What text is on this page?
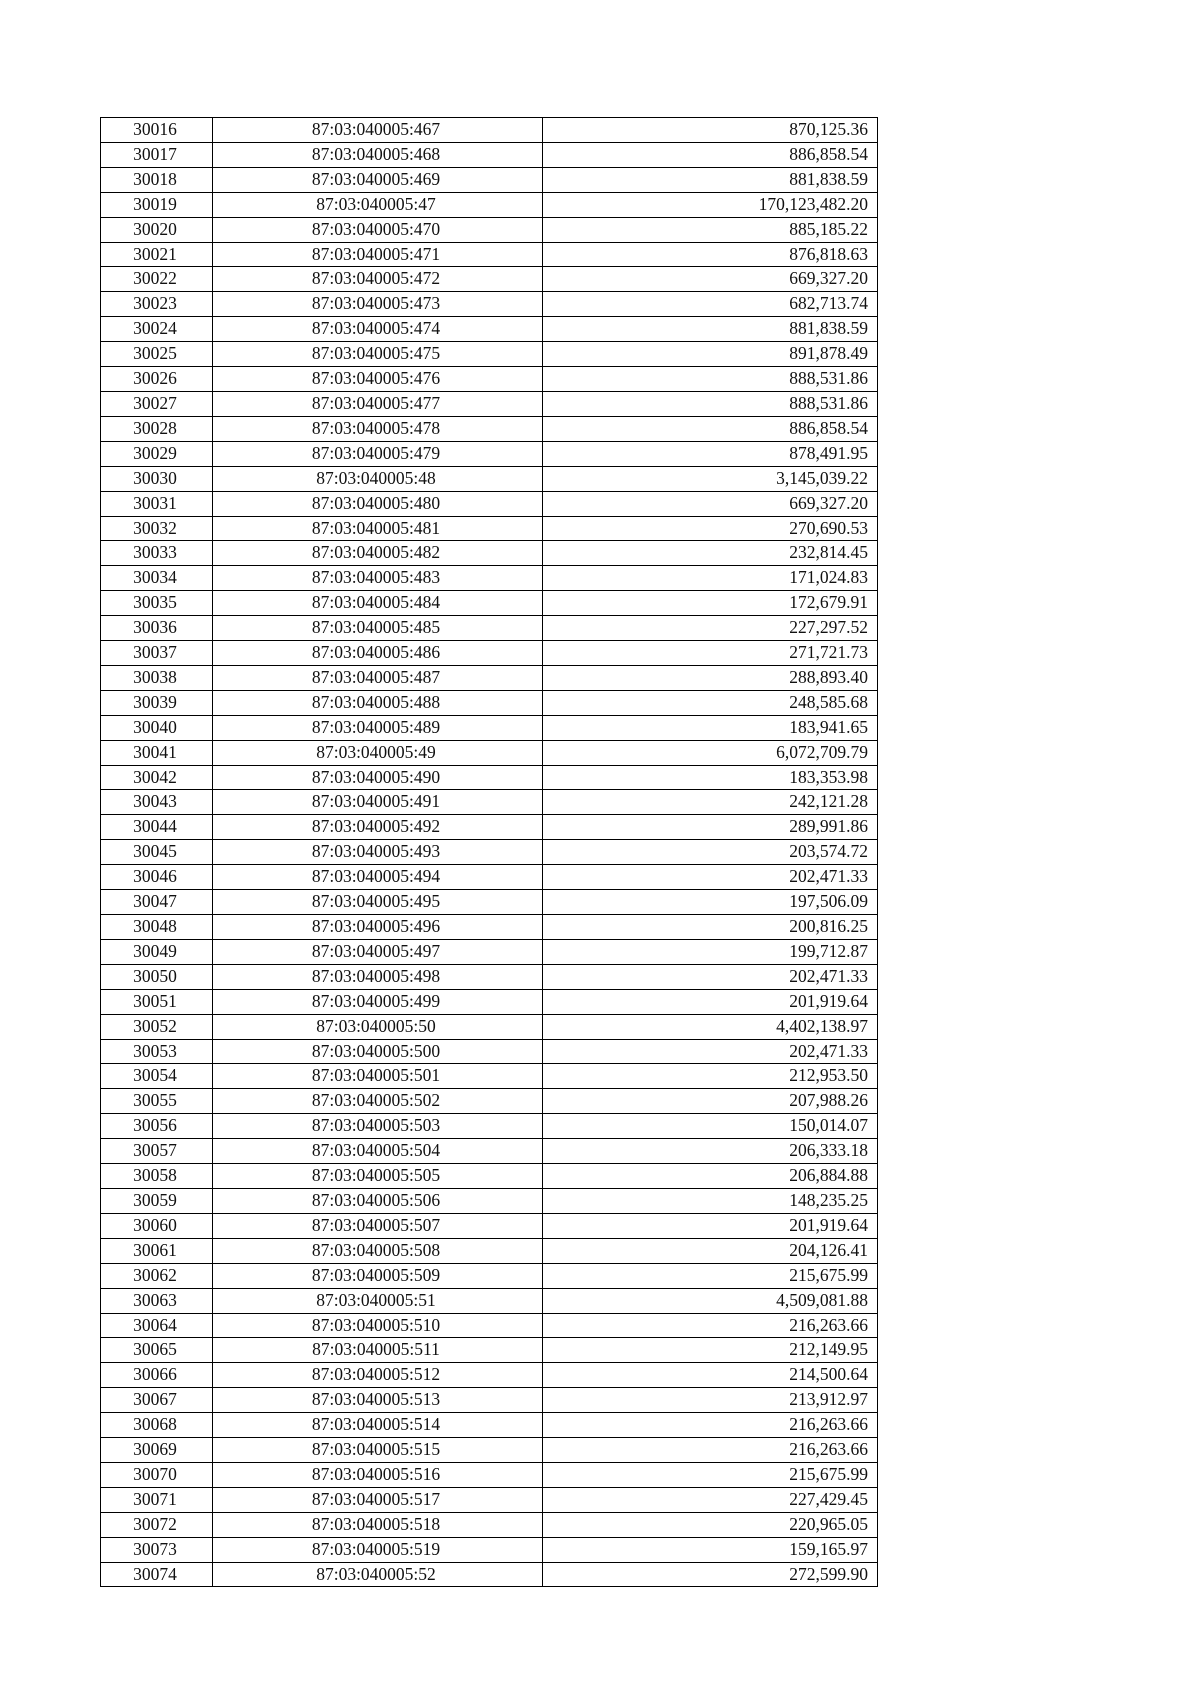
30016	87:03:040005:467	870,125.36
30017	87:03:040005:468	886,858.54
30018	87:03:040005:469	881,838.59
30019	87:03:040005:47	170,123,482.20
30020	87:03:040005:470	885,185.22
30021	87:03:040005:471	876,818.63
30022	87:03:040005:472	669,327.20
30023	87:03:040005:473	682,713.74
30024	87:03:040005:474	881,838.59
30025	87:03:040005:475	891,878.49
30026	87:03:040005:476	888,531.86
30027	87:03:040005:477	888,531.86
30028	87:03:040005:478	886,858.54
30029	87:03:040005:479	878,491.95
30030	87:03:040005:48	3,145,039.22
30031	87:03:040005:480	669,327.20
30032	87:03:040005:481	270,690.53
30033	87:03:040005:482	232,814.45
30034	87:03:040005:483	171,024.83
30035	87:03:040005:484	172,679.91
30036	87:03:040005:485	227,297.52
30037	87:03:040005:486	271,721.73
30038	87:03:040005:487	288,893.40
30039	87:03:040005:488	248,585.68
30040	87:03:040005:489	183,941.65
30041	87:03:040005:49	6,072,709.79
30042	87:03:040005:490	183,353.98
30043	87:03:040005:491	242,121.28
30044	87:03:040005:492	289,991.86
30045	87:03:040005:493	203,574.72
30046	87:03:040005:494	202,471.33
30047	87:03:040005:495	197,506.09
30048	87:03:040005:496	200,816.25
30049	87:03:040005:497	199,712.87
30050	87:03:040005:498	202,471.33
30051	87:03:040005:499	201,919.64
30052	87:03:040005:50	4,402,138.97
30053	87:03:040005:500	202,471.33
30054	87:03:040005:501	212,953.50
30055	87:03:040005:502	207,988.26
30056	87:03:040005:503	150,014.07
30057	87:03:040005:504	206,333.18
30058	87:03:040005:505	206,884.88
30059	87:03:040005:506	148,235.25
30060	87:03:040005:507	201,919.64
30061	87:03:040005:508	204,126.41
30062	87:03:040005:509	215,675.99
30063	87:03:040005:51	4,509,081.88
30064	87:03:040005:510	216,263.66
30065	87:03:040005:511	212,149.95
30066	87:03:040005:512	214,500.64
30067	87:03:040005:513	213,912.97
30068	87:03:040005:514	216,263.66
30069	87:03:040005:515	216,263.66
30070	87:03:040005:516	215,675.99
30071	87:03:040005:517	227,429.45
30072	87:03:040005:518	220,965.05
30073	87:03:040005:519	159,165.97
30074	87:03:040005:52	272,599.90
